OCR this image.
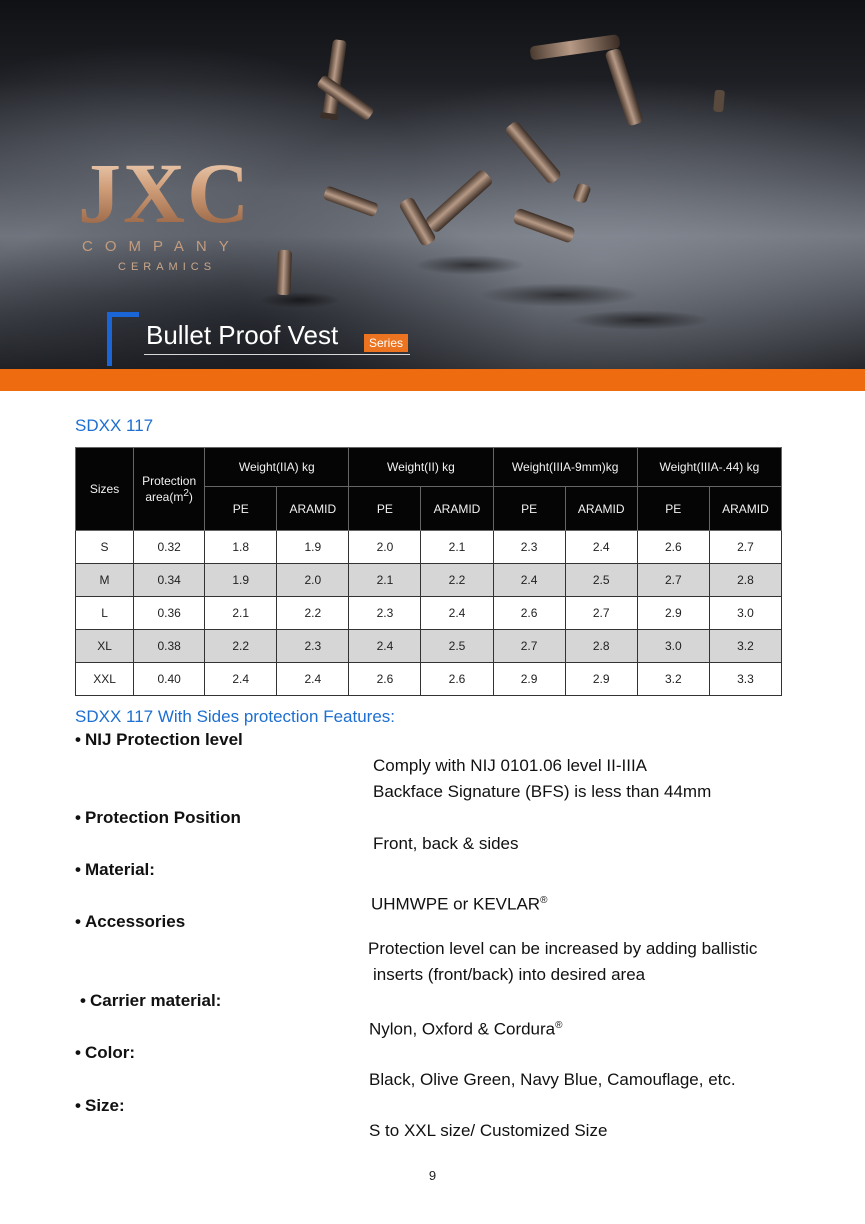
JXC
COMPANY
CERAMICS
Bullet Proof Vest	Series
SDXX 117
Sizes	Protection $area(m^2)$	Weight(IIA) kg		Weight(II) kg		Weight(IIIA-9mm)kg		Weight(IIIA-.44) kg	
		PE	ARAMID	PE	ARAMID	PE	ARAMID	PE	ARAMID
S	0.32	1.8	1.9	2.0	2.1	2.3	2.4	2.6	2.7
M	0.34	1.9	2.0	2.1	2.2	2.4	2.5	2.7	2.8
L	0.36	2.1	2.2	2.3	2.4	2.6	2.7	2.9	3.0
XL	0.38	2.2	2.3	2.4	2.5	2.7	2.8	3.0	3.2
XXL	0.40	2.4	2.4	2.6	2.6	2.9	2.9	3.2	3.3
SDXX 117 With Sides protection Features:
• NIJ Protection level
Comply with NIJ 0101.06 level II-IIIA
Backface Signature (BFS) is less than 44mm
• Protection Position
Front, back & sides
• Material:
UHMWPE or KEVLAR®
• Accessories
Protection level can be increased by adding ballistic
inserts (front/back) into desired area
• Carrier material:
Nylon, Oxford & Cordura®
• Color:
Black, Olive Green, Navy Blue, Camouflage, etc.
• Size:
S to XXL size/ Customized Size
9
